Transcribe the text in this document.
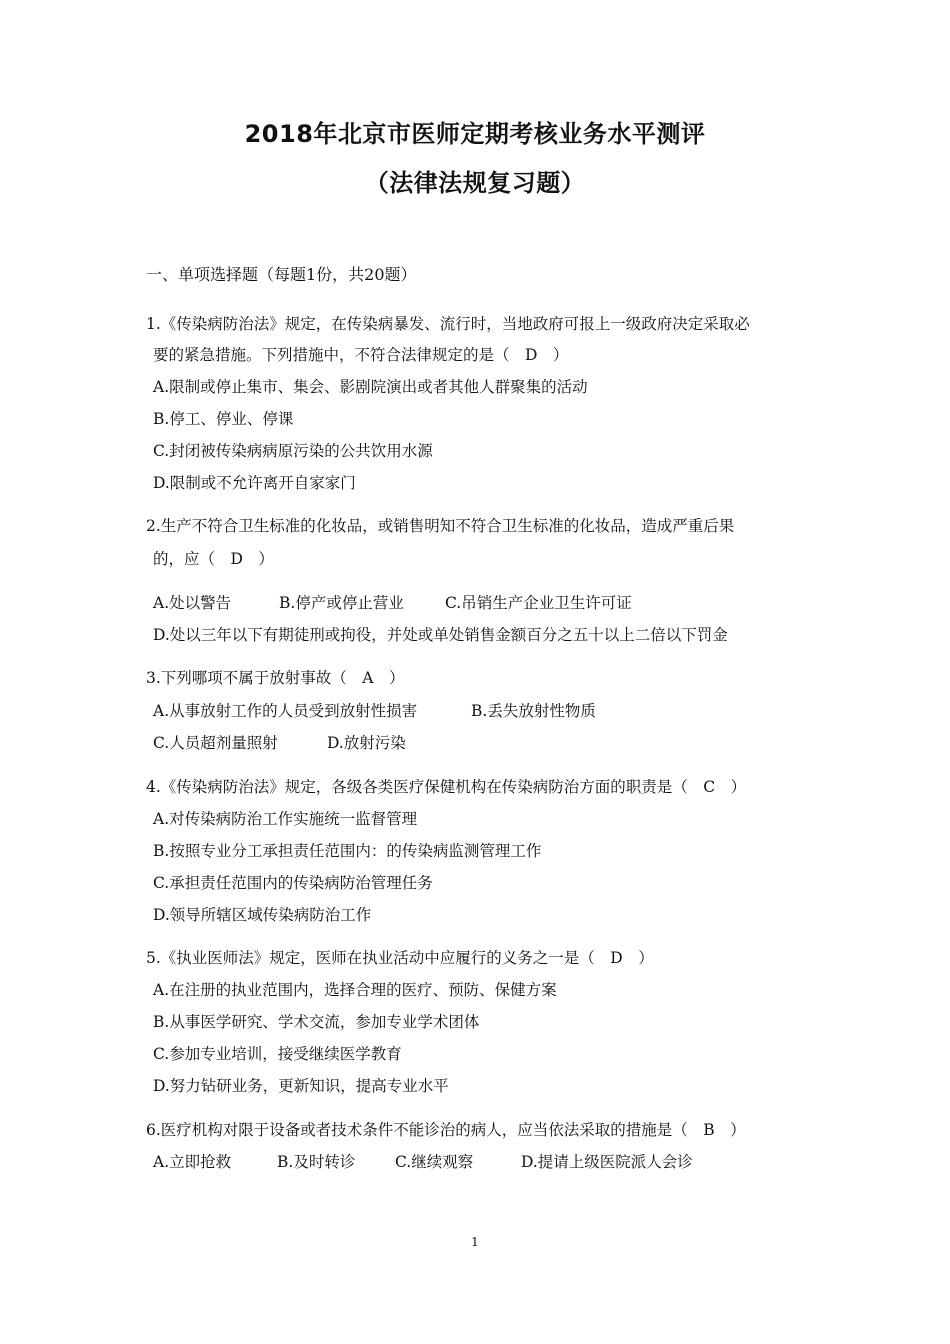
2018年北京市医师定期考核业务水平测评
（法律法规复习题）
一、单项选择题（每题1份，共20题）
1.《传染病防治法》规定，在传染病暴发、流行时，当地政府可报上一级政府决定采取必
要的紧急措施。下列措施中，不符合法律规定的是（　D　）
A.限制或停止集市、集会、影剧院演出或者其他人群聚集的活动
B.停工、停业、停课
C.封闭被传染病病原污染的公共饮用水源
D.限制或不允许离开自家家门
2.生产不符合卫生标准的化妆品，或销售明知不符合卫生标准的化妆品，造成严重后果
的，应（　D　）
A.处以警告	B.停产或停止营业	C.吊销生产企业卫生许可证
D.处以三年以下有期徒刑或拘役，并处或单处销售金额百分之五十以上二倍以下罚金
3.下列哪项不属于放射事故（　A　）
A.从事放射工作的人员受到放射性损害	B.丢失放射性物质
C.人员超剂量照射	D.放射污染
4.《传染病防治法》规定，各级各类医疗保健机构在传染病防治方面的职责是（　C　）
A.对传染病防治工作实施统一监督管理
B.按照专业分工承担责任范围内：的传染病监测管理工作
C.承担责任范围内的传染病防治管理任务
D.领导所辖区域传染病防治工作
5.《执业医师法》规定，医师在执业活动中应履行的义务之一是（　D　）
A.在注册的执业范围内，选择合理的医疗、预防、保健方案
B.从事医学研究、学术交流，参加专业学术团体
C.参加专业培训，接受继续医学教育
D.努力钻研业务，更新知识，提高专业水平
6.医疗机构对限于设备或者技术条件不能诊治的病人，应当依法采取的措施是（　B　）
A.立即抢救	B.及时转诊	C.继续观察	D.提请上级医院派人会诊
1
